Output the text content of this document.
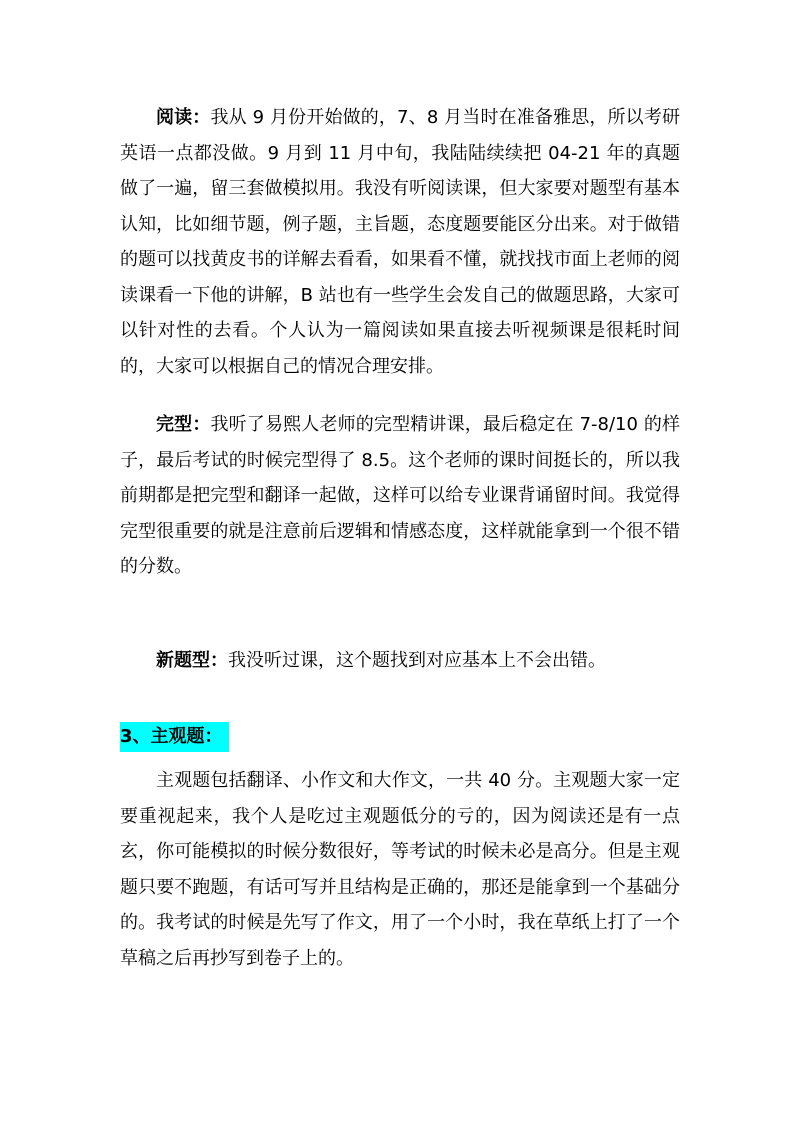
阅读：我从 9 月份开始做的，7、8 月当时在准备雅思，所以考研英语一点都没做。9 月到 11 月中旬，我陆陆续续把 04-21 年的真题做了一遍，留三套做模拟用。我没有听阅读课，但大家要对题型有基本认知，比如细节题，例子题，主旨题，态度题要能区分出来。对于做错的题可以找黄皮书的详解去看看，如果看不懂，就找找市面上老师的阅读课看一下他的讲解，B 站也有一些学生会发自己的做题思路，大家可以针对性的去看。个人认为一篇阅读如果直接去听视频课是很耗时间的，大家可以根据自己的情况合理安排。

完型：我听了易熙人老师的完型精讲课，最后稳定在 7-8/10 的样子，最后考试的时候完型得了 8.5。这个老师的课时间挺长的，所以我前期都是把完型和翻译一起做，这样可以给专业课背诵留时间。我觉得完型很重要的就是注意前后逻辑和情感态度，这样就能拿到一个很不错的分数。

新题型：我没听过课，这个题找到对应基本上不会出错。

3、主观题：

主观题包括翻译、小作文和大作文，一共 40 分。主观题大家一定要重视起来，我个人是吃过主观题低分的亏的，因为阅读还是有一点玄，你可能模拟的时候分数很好，等考试的时候未必是高分。但是主观题只要不跑题，有话可写并且结构是正确的，那还是能拿到一个基础分的。我考试的时候是先写了作文，用了一个小时，我在草纸上打了一个草稿之后再抄写到卷子上的。
